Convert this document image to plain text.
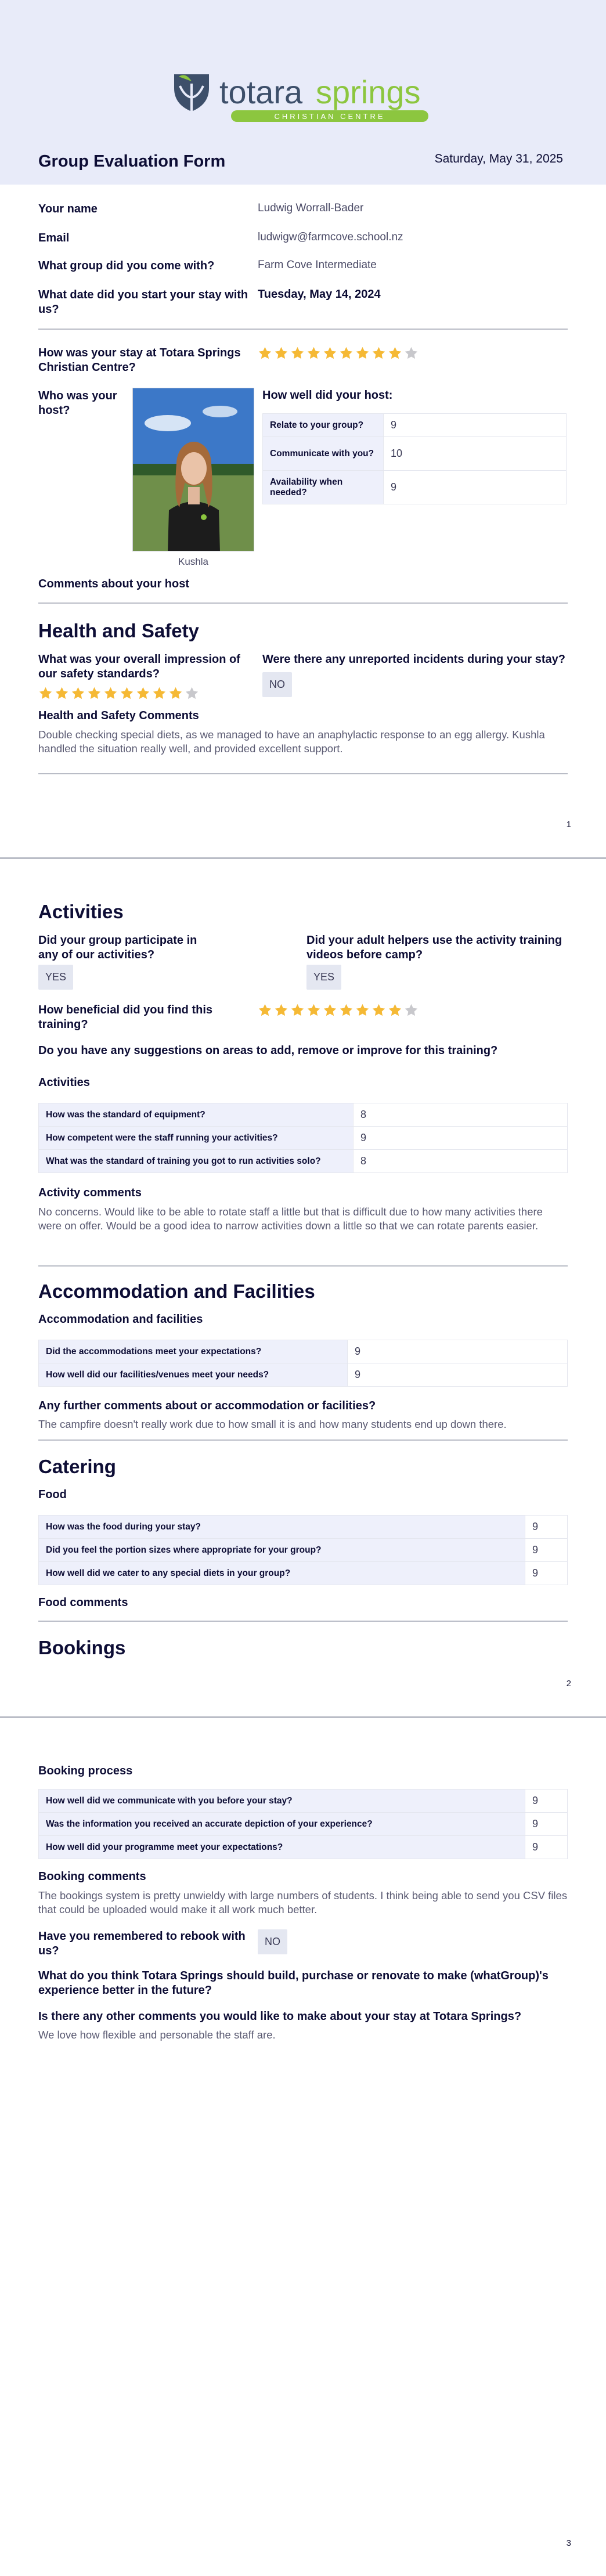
totara springs
CHRISTIAN CENTRE
Group Evaluation Form	Saturday, May 31, 2025
Your name	Ludwig Worrall-Bader
Email	ludwigw@farmcove.school.nz
What group did you come with?	Farm Cove Intermediate
What date did you start your stay with us?
Tuesday, May 14, 2024
How was your stay at Totara Springs Christian Centre?
Who was your host?
Kushla
How well did your host:
Relate to your group?	9
Communicate with you?	10
Availability when needed?	9
Comments about your host
Health and Safety
What was your overall impression of our safety standards?
Were there any unreported incidents during your stay?
NO
Health and Safety Comments
Double checking special diets, as we managed to have an anaphylactic response to an egg allergy. Kushla handled the situation really well, and provided excellent support.
1
Activities
Did your group participate in any of our activities?
YES
Did your adult helpers use the activity training videos before camp?
YES
How beneficial did you find this training?
Do you have any suggestions on areas to add, remove or improve for this training?
Activities
How was the standard of equipment?	8
How competent were the staff running your activities?	9
What was the standard of training you got to run activities solo?	8
Activity comments
No concerns. Would like to be able to rotate staff a little but that is difficult due to how many activities there were on offer. Would be a good idea to narrow activities down a little so that we can rotate parents easier.
Accommodation and Facilities
Accommodation and facilities
Did the accommodations meet your expectations?	9
How well did our facilities/venues meet your needs?	9
Any further comments about or accommodation or facilities?
The campfire doesn't really work due to how small it is and how many students end up down there.
Catering
Food
How was the food during your stay?	9
Did you feel the portion sizes where appropriate for your group?	9
How well did we cater to any special diets in your group?	9
Food comments
Bookings
2
Booking process
How well did we communicate with you before your stay?	9
Was the information you received an accurate depiction of your experience?	9
How well did your programme meet your expectations?	9
Booking comments
The bookings system is pretty unwieldy with large numbers of students. I think being able to send you CSV files that could be uploaded would make it all work much better.
Have you remembered to rebook with us?
NO
What do you think Totara Springs should build, purchase or renovate to make (whatGroup)'s experience better in the future?
Is there any other comments you would like to make about your stay at Totara Springs?
We love how flexible and personable the staff are.
3
